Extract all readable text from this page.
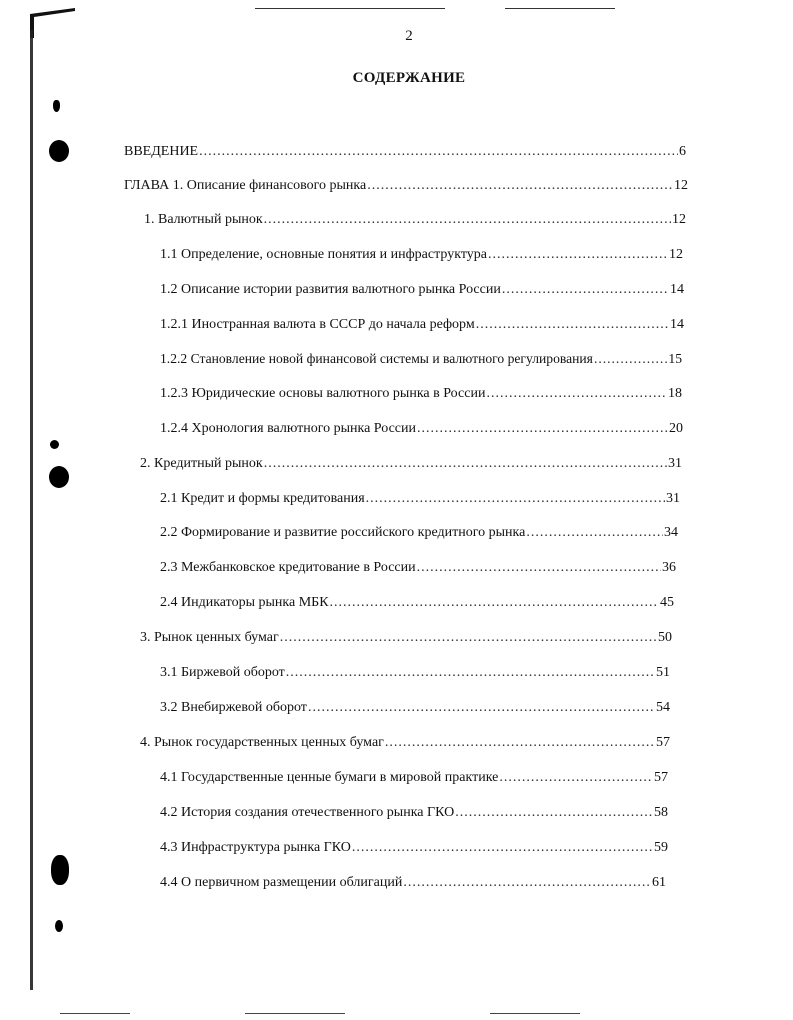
2
СОДЕРЖАНИЕ
ВВЕДЕНИЕ .....	6
ГЛАВА 1. Описание финансового рынка .....	12
1. Валютный рынок .....	12
1.1 Определение, основные понятия и инфраструктура .....	12
1.2 Описание истории развития валютного рынка России .....	14
1.2.1 Иностранная валюта в СССР до начала реформ .....	14
1.2.2 Становление новой финансовой системы и валютного регулирования .....	15
1.2.3 Юридические основы валютного рынка в России .....	18
1.2.4 Хронология валютного рынка России .....	20
2. Кредитный рынок .....	31
2.1 Кредит и формы кредитования .....	31
2.2 Формирование и развитие российского кредитного рынка .....	34
2.3 Межбанковское кредитование в России .....	36
2.4 Индикаторы рынка МБК .....	45
3. Рынок ценных бумаг .....	50
3.1 Биржевой оборот .....	51
3.2 Внебиржевой оборот .....	54
4. Рынок государственных ценных бумаг .....	57
4.1 Государственные ценные бумаги в мировой практике .....	57
4.2 История создания отечественного рынка ГКО .....	58
4.3 Инфраструктура рынка ГКО .....	59
4.4 О первичном размещении облигаций .....	61
